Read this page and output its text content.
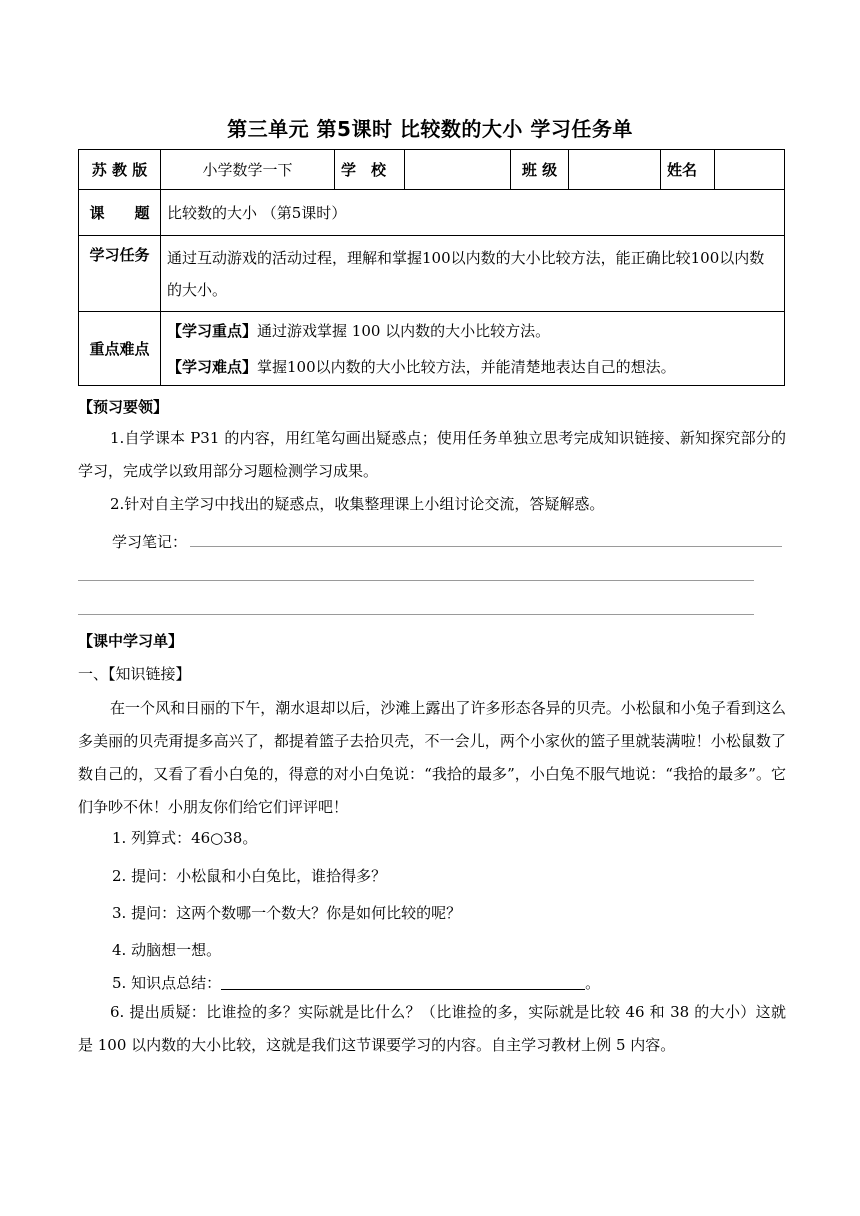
第三单元 第5课时 比较数的大小 学习任务单
苏 教 版	小学数学一下	学　校		班 级		姓名	
课　　题	比较数的大小 （第5课时）						
学习任务	通过互动游戏的活动过程，理解和掌握100以内数的大小比较方法，能正确比较100以内数的大小。						
重点难点	【学习重点】通过游戏掌握 100 以内数的大小比较方法。
【学习难点】掌握100以内数的大小比较方法，并能清楚地表达自己的想法。						
【预习要领】
1.自学课本 P31 的内容，用红笔勾画出疑惑点；使用任务单独立思考完成知识链接、新知探究部分的学习，完成学以致用部分习题检测学习成果。
2.针对自主学习中找出的疑惑点，收集整理课上小组讨论交流，答疑解惑。
学习笔记：
【课中学习单】
一、【知识链接】
在一个风和日丽的下午，潮水退却以后，沙滩上露出了许多形态各异的贝壳。小松鼠和小兔子看到这么多美丽的贝壳甭提多高兴了，都提着篮子去拾贝壳，不一会儿，两个小家伙的篮子里就装满啦！小松鼠数了数自己的，又看了看小白兔的，得意的对小白兔说：“我拾的最多”，小白兔不服气地说：“我拾的最多”。它们争吵不休！小朋友你们给它们评评吧！
1. 列算式：46○38。
2. 提问：小松鼠和小白兔比，谁拾得多？
3. 提问：这两个数哪一个数大？你是如何比较的呢？
4. 动脑想一想。
5. 知识点总结：	。
6. 提出质疑：比谁捡的多？实际就是比什么？（比谁捡的多，实际就是比较 46 和 38 的大小）这就是 100 以内数的大小比较，这就是我们这节课要学习的内容。自主学习教材上例 5 内容。
